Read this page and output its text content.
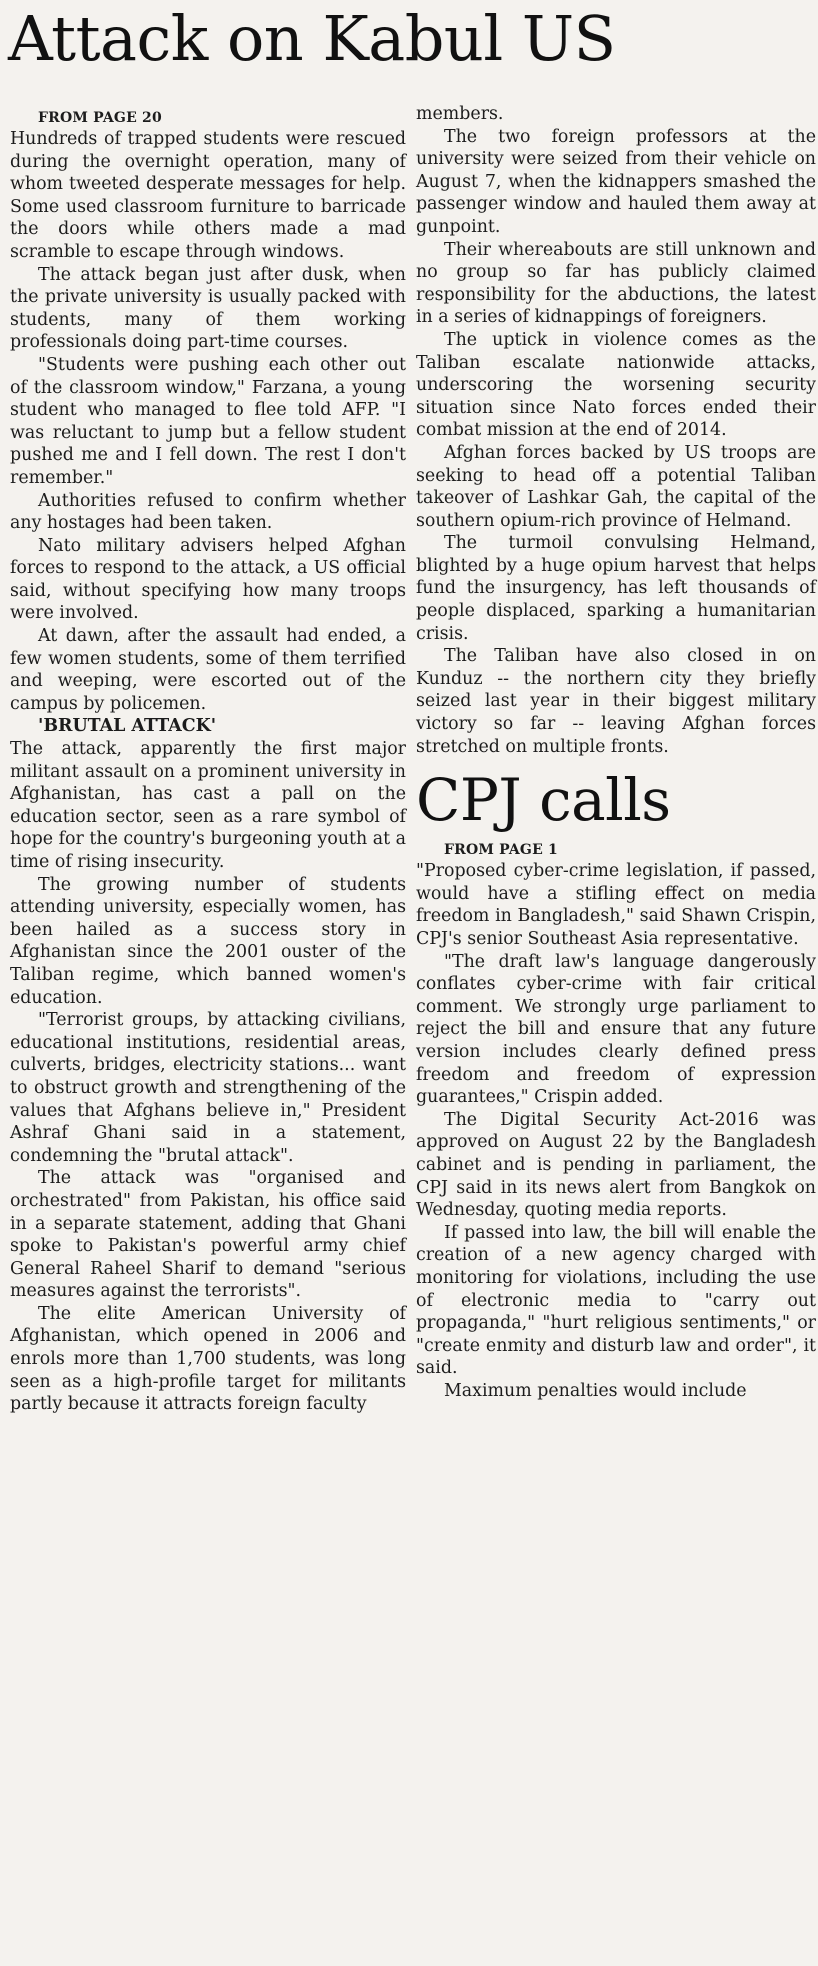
Attack on Kabul US

FROM PAGE 20

Hundreds of trapped students were rescued during the overnight operation, many of whom tweeted desperate messages for help. Some used classroom furniture to barricade the doors while others made a mad scramble to escape through windows.

The attack began just after dusk, when the private university is usually packed with students, many of them working professionals doing part-time courses.

"Students were pushing each other out of the classroom window," Farzana, a young student who managed to flee told AFP. "I was reluctant to jump but a fellow student pushed me and I fell down. The rest I don't remember."

Authorities refused to confirm whether any hostages had been taken.

Nato military advisers helped Afghan forces to respond to the attack, a US official said, without specifying how many troops were involved.

At dawn, after the assault had ended, a few women students, some of them terrified and weeping, were escorted out of the campus by policemen.

'BRUTAL ATTACK'

The attack, apparently the first major militant assault on a prominent university in Afghanistan, has cast a pall on the education sector, seen as a rare symbol of hope for the country's burgeoning youth at a time of rising insecurity.

The growing number of students attending university, especially women, has been hailed as a success story in Afghanistan since the 2001 ouster of the Taliban regime, which banned women's education.

"Terrorist groups, by attacking civilians, educational institutions, residential areas, culverts, bridges, electricity stations... want to obstruct growth and strengthening of the values that Afghans believe in," President Ashraf Ghani said in a statement, condemning the "brutal attack".

The attack was "organised and orchestrated" from Pakistan, his office said in a separate statement, adding that Ghani spoke to Pakistan's powerful army chief General Raheel Sharif to demand "serious measures against the terrorists".

The elite American University of Afghanistan, which opened in 2006 and enrols more than 1,700 students, was long seen as a high-profile target for militants partly because it attracts foreign faculty

members.

The two foreign professors at the university were seized from their vehicle on August 7, when the kidnappers smashed the passenger window and hauled them away at gunpoint.

Their whereabouts are still unknown and no group so far has publicly claimed responsibility for the abductions, the latest in a series of kidnappings of foreigners.

The uptick in violence comes as the Taliban escalate nationwide attacks, underscoring the worsening security situation since Nato forces ended their combat mission at the end of 2014.

Afghan forces backed by US troops are seeking to head off a potential Taliban takeover of Lashkar Gah, the capital of the southern opium-rich province of Helmand.

The turmoil convulsing Helmand, blighted by a huge opium harvest that helps fund the insurgency, has left thousands of people displaced, sparking a humanitarian crisis.

The Taliban have also closed in on Kunduz -- the northern city they briefly seized last year in their biggest military victory so far -- leaving Afghan forces stretched on multiple fronts.

CPJ calls

FROM PAGE 1

"Proposed cyber-crime legislation, if passed, would have a stifling effect on media freedom in Bangladesh," said Shawn Crispin, CPJ's senior Southeast Asia representative.

"The draft law's language dangerously conflates cyber-crime with fair critical comment. We strongly urge parliament to reject the bill and ensure that any future version includes clearly defined press freedom and freedom of expression guarantees," Crispin added.

The Digital Security Act-2016 was approved on August 22 by the Bangladesh cabinet and is pending in parliament, the CPJ said in its news alert from Bangkok on Wednesday, quoting media reports.

If passed into law, the bill will enable the creation of a new agency charged with monitoring for violations, including the use of electronic media to "carry out propaganda," "hurt religious sentiments," or "create enmity and disturb law and order", it said.

Maximum penalties would include
